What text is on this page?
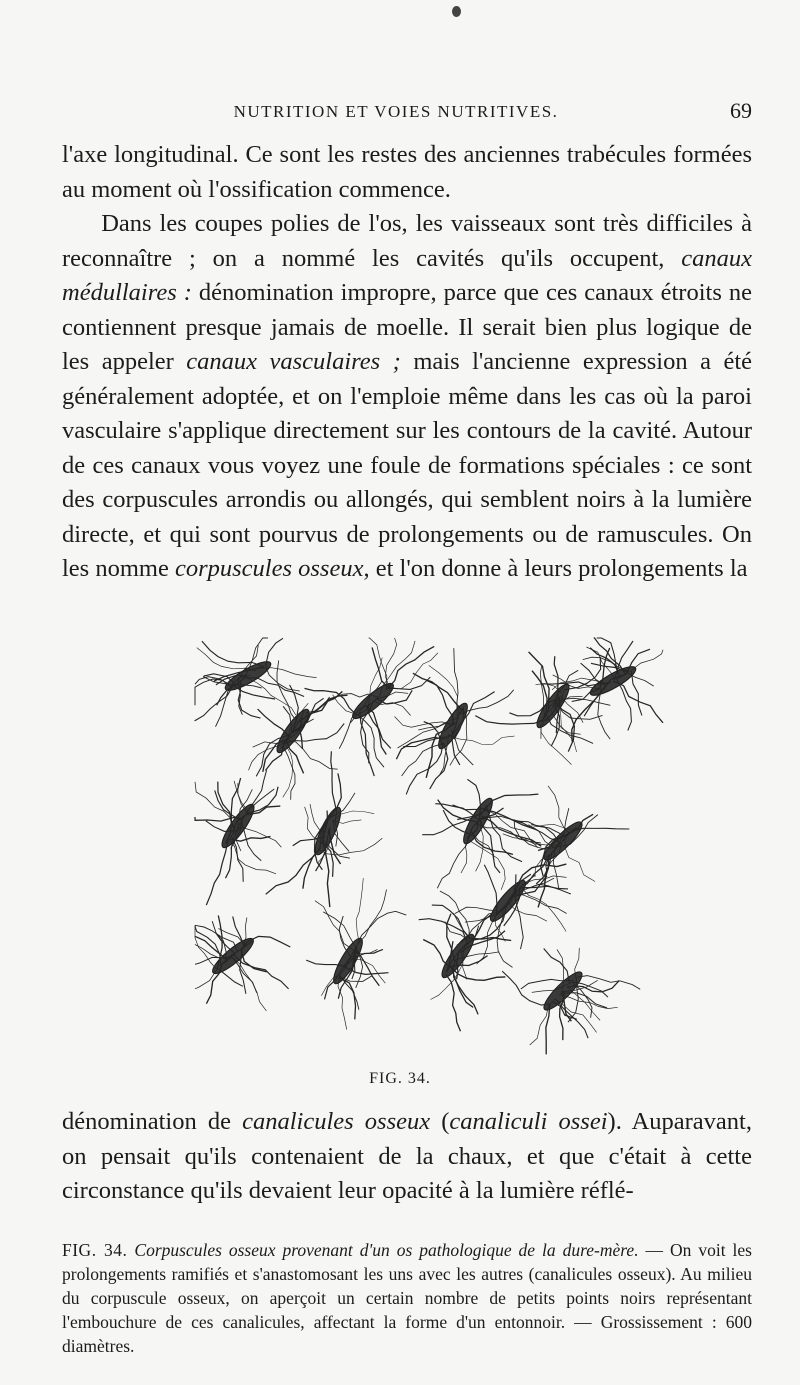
NUTRITION ET VOIES NUTRITIVES.	69

l'axe longitudinal. Ce sont les restes des anciennes trabécules formées au moment où l'ossification commence.

Dans les coupes polies de l'os, les vaisseaux sont très difficiles à reconnaître ; on a nommé les cavités qu'ils occupent, canaux médullaires : dénomination impropre, parce que ces canaux étroits ne contiennent presque jamais de moelle. Il serait bien plus logique de les appeler canaux vasculaires ; mais l'ancienne expression a été généralement adoptée, et on l'emploie même dans les cas où la paroi vasculaire s'applique directement sur les contours de la cavité. Autour de ces canaux vous voyez une foule de formations spéciales : ce sont des corpuscules arrondis ou allongés, qui semblent noirs à la lumière directe, et qui sont pourvus de prolongements ou de ramuscules. On les nomme corpuscules osseux, et l'on donne à leurs prolongements la

FIG. 34.

dénomination de canalicules osseux (canaliculi ossei). Auparavant, on pensait qu'ils contenaient de la chaux, et que c'était à cette circonstance qu'ils devaient leur opacité à la lumière réflé-

FIG. 34. Corpuscules osseux provenant d'un os pathologique de la dure-mère. — On voit les prolongements ramifiés et s'anastomosant les uns avec les autres (canalicules osseux). Au milieu du corpuscule osseux, on aperçoit un certain nombre de petits points noirs représentant l'embouchure de ces canalicules, affectant la forme d'un entonnoir. — Grossissement : 600 diamètres.
